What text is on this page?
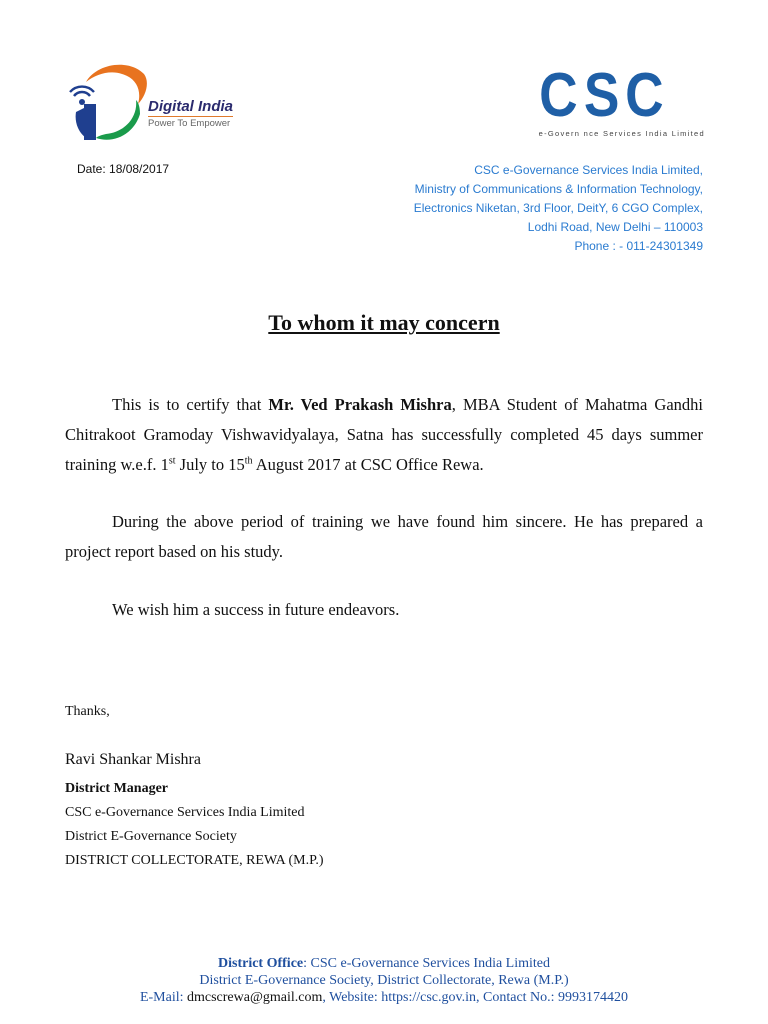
Digital India
Power To Empower	C S C
e-Govern nce Services India Limited
Date: 18/08/2017	CSC e-Governance Services India Limited,
Ministry of Communications & Information Technology,
Electronics Niketan, 3rd Floor, DeitY, 6 CGO Complex,
Lodhi Road, New Delhi – 110003
Phone : - 011-24301349
To whom it may concern
This is to certify that Mr. Ved Prakash Mishra, MBA Student of Mahatma Gandhi Chitrakoot Gramoday Vishwavidyalaya, Satna has successfully completed 45 days summer training w.e.f. 1st July to 15th August 2017 at CSC Office Rewa.
During the above period of training we have found him sincere. He has prepared a project report based on his study.
We wish him a success in future endeavors.
Thanks,
Ravi Shankar Mishra
District Manager
CSC e-Governance Services India Limited
District E-Governance Society
DISTRICT COLLECTORATE, REWA (M.P.)
District Office: CSC e-Governance Services India Limited
District E-Governance Society, District Collectorate, Rewa (M.P.)
E-Mail: dmcscrewa@gmail.com, Website: https://csc.gov.in, Contact No.: 9993174420
